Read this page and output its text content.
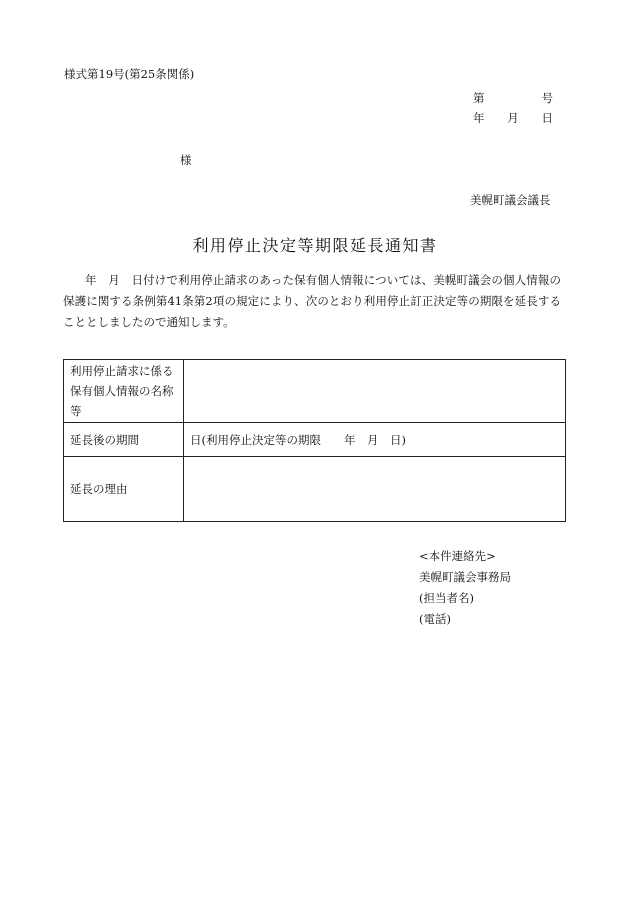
様式第19号(第25条関係)
第	号
年 月 日
様
美幌町議会議長
利用停止決定等期限延長通知書
年　月　日付けで利用停止請求のあった保有個人情報については、美幌町議会の個人情報の保護に関する条例第41条第2項の規定により、次のとおり利用停止訂正決定等の期限を延長することとしましたので通知します。
利用停止請求に係る保有個人情報の名称等	
延長後の期間	日(利用停止決定等の期限　　年　月　日)
延長の理由	
<本件連絡先>
美幌町議会事務局
(担当者名)
(電話)
